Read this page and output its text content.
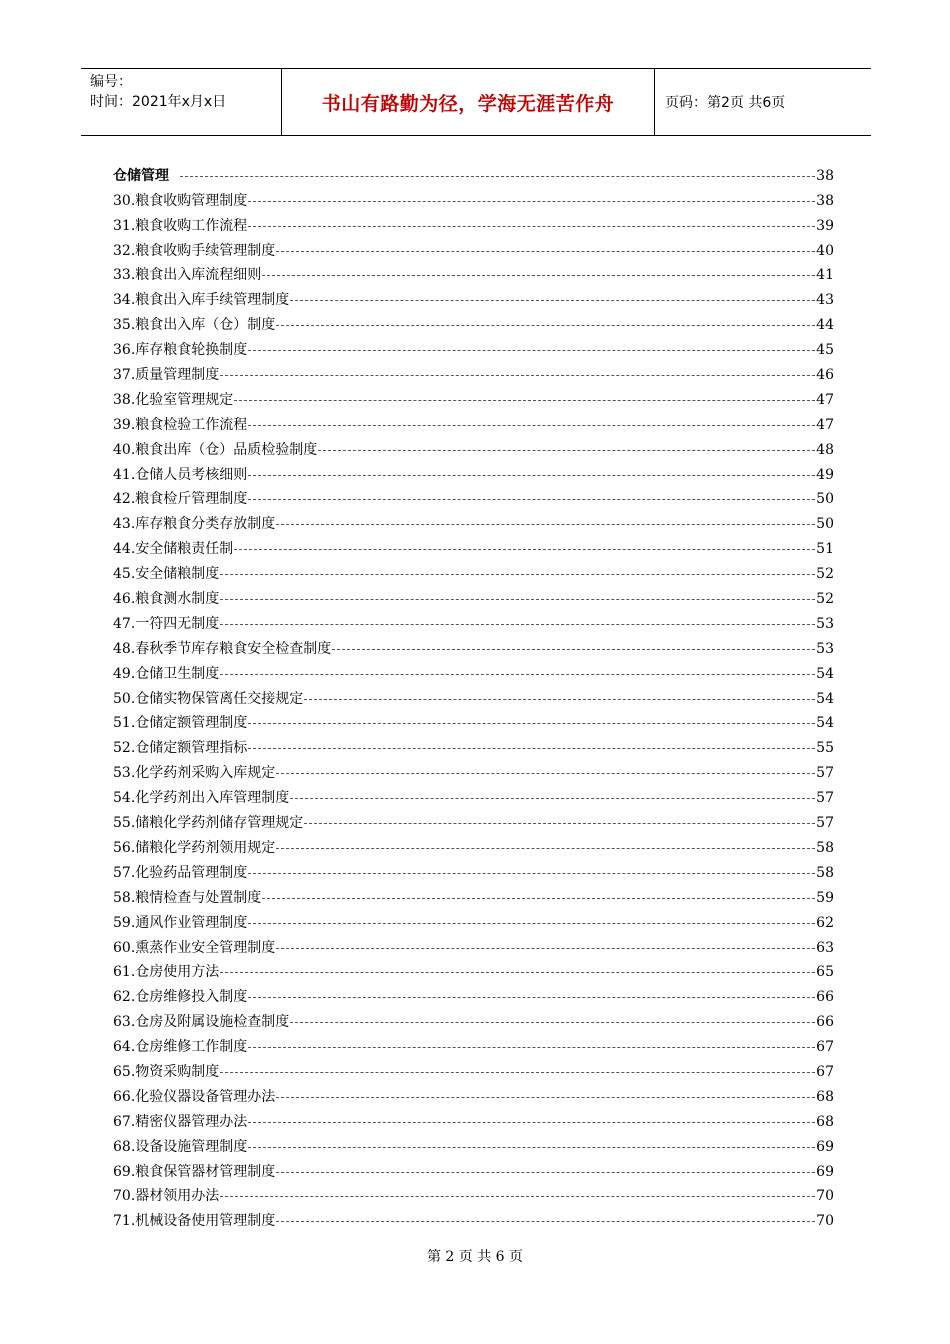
编号：
时间：2021年x月x日	书山有路勤为径，学海无涯苦作舟	页码：第2页 共6页
仓储管理	38
30.粮食收购管理制度	38
31.粮食收购工作流程	39
32.粮食收购手续管理制度	40
33.粮食出入库流程细则	41
34.粮食出入库手续管理制度	43
35.粮食出入库（仓）制度	44
36.库存粮食轮换制度	45
37.质量管理制度	46
38.化验室管理规定	47
39.粮食检验工作流程	47
40.粮食出库（仓）品质检验制度	48
41.仓储人员考核细则	49
42.粮食检斤管理制度	50
43.库存粮食分类存放制度	50
44.安全储粮责任制	51
45.安全储粮制度	52
46.粮食测水制度	52
47.一符四无制度	53
48.春秋季节库存粮食安全检查制度	53
49.仓储卫生制度	54
50.仓储实物保管离任交接规定	54
51.仓储定额管理制度	54
52.仓储定额管理指标	55
53.化学药剂采购入库规定	57
54.化学药剂出入库管理制度	57
55.储粮化学药剂储存管理规定	57
56.储粮化学药剂领用规定	58
57.化验药品管理制度	58
58.粮情检查与处置制度	59
59.通风作业管理制度	62
60.熏蒸作业安全管理制度	63
61.仓房使用方法	65
62.仓房维修投入制度	66
63.仓房及附属设施检查制度	66
64.仓房维修工作制度	67
65.物资采购制度	67
66.化验仪器设备管理办法	68
67.精密仪器管理办法	68
68.设备设施管理制度	69
69.粮食保管器材管理制度	69
70.器材领用办法	70
71.机械设备使用管理制度	70
第 2 页 共 6 页
